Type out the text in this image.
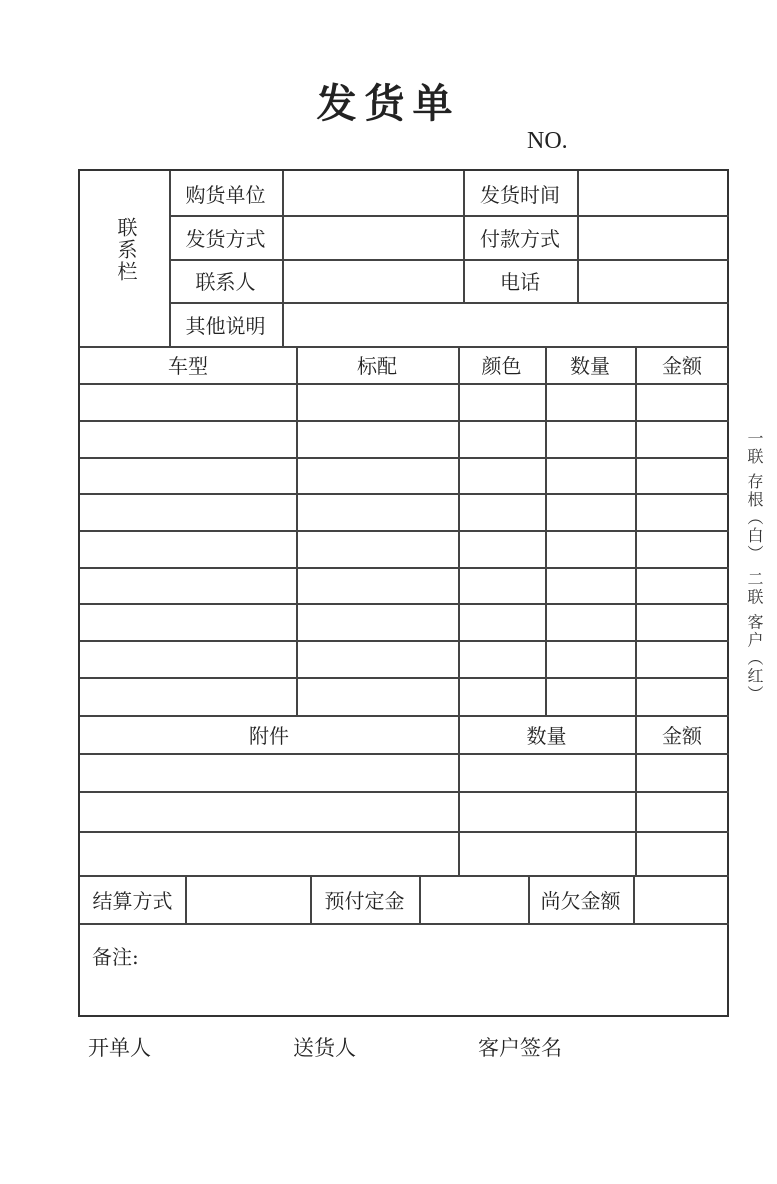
发货单
NO.
联系栏
购货单位	发货时间
发货方式	付款方式
联系人	电话
其他说明
车型	标配	颜色	数量	金额
附件	数量	金额
结算方式	预付定金	尚欠金额
备注:
一联 存根（白） 二联 客户（红）
开单人	送货人	客户签名
